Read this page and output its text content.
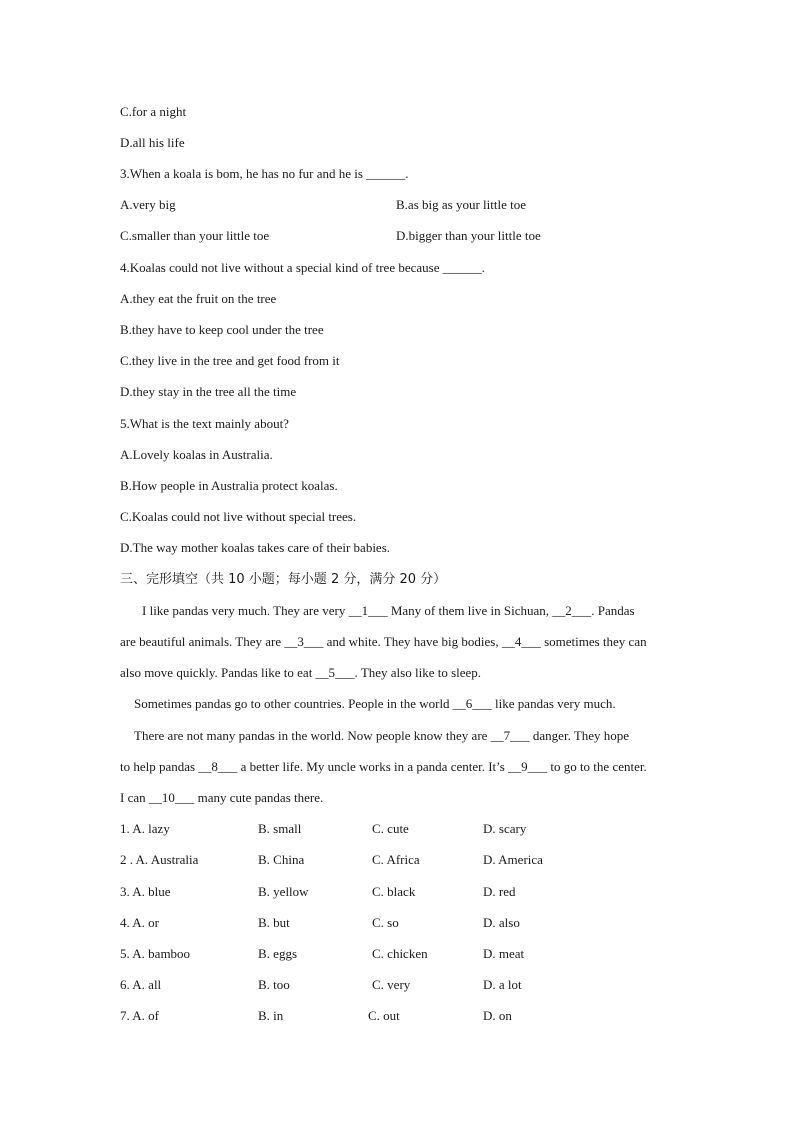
C.for a night
D.all his life
3.When a koala is bom, he has no fur and he is ______.
A.very big	B.as big as your little toe
C.smaller than your little toe	D.bigger than your little toe
4.Koalas could not live without a special kind of tree because ______.
A.they eat the fruit on the tree
B.they have to keep cool under the tree
C.they live in the tree and get food from it
D.they stay in the tree all the time
5.What is the text mainly about?
A.Lovely koalas in Australia.
B.How people in Australia protect koalas.
C.Koalas could not live without special trees.
D.The way mother koalas takes care of their babies.
三、完形填空（共 10 小题；每小题 2 分，满分 20 分）
I like pandas very much. They are very __1___ Many of them live in Sichuan, __2___. Pandas
are beautiful animals. They are __3___ and white. They have big bodies, __4___ sometimes they can
also move quickly. Pandas like to eat __5___. They also like to sleep.
Sometimes pandas go to other countries. People in the world __6___ like pandas very much.
There are not many pandas in the world. Now people know they are __7___ danger. They hope
to help pandas __8___ a better life. My uncle works in a panda center. It’s __9___ to go to the center.
I can __10___ many cute pandas there.
1. A. lazy	B. small	C. cute	D. scary
2 . A. Australia	B. China	C. Africa	D. America
3. A. blue	B. yellow	C. black	D. red
4. A. or	B. but	C. so	D. also
5. A. bamboo	B. eggs	C. chicken	D. meat
6. A. all	B. too	C. very	D. a lot
7. A. of	B. in	C. out	D. on
